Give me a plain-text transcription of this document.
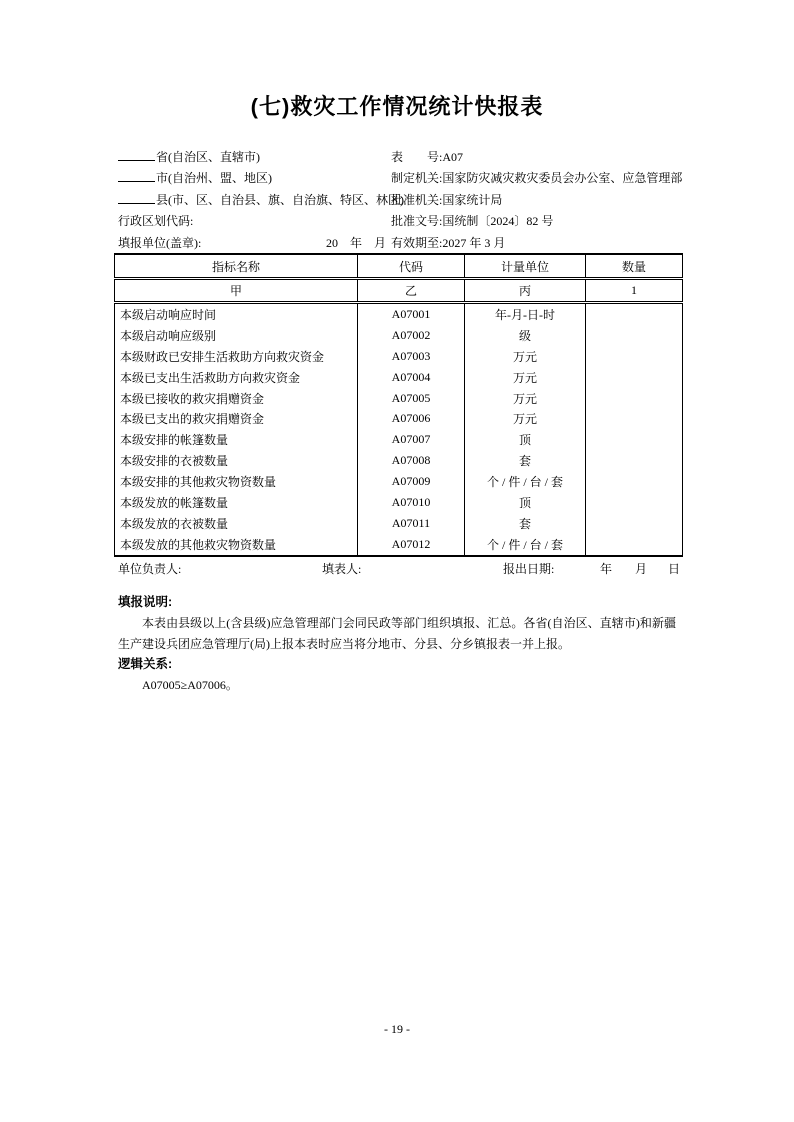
(七)救灾工作情况统计快报表
省(自治区、直辖市)
市(自治州、盟、地区)
县(市、区、自治县、旗、自治旗、特区、林区)
行政区划代码:
填报单位(盖章):	20　年　月
表　　号:A07
制定机关:国家防灾减灾救灾委员会办公室、应急管理部
批准机关:国家统计局
批准文号:国统制〔2024〕82 号
有效期至:2027 年 3 月
指标名称	代码	计量单位	数量
甲	乙	丙	1
本级启动响应时间	A07001	年-月-日-时	
本级启动响应级别	A07002	级	
本级财政已安排生活救助方向救灾资金	A07003	万元	
本级已支出生活救助方向救灾资金	A07004	万元	
本级已接收的救灾捐赠资金	A07005	万元	
本级已支出的救灾捐赠资金	A07006	万元	
本级安排的帐篷数量	A07007	顶	
本级安排的衣被数量	A07008	套	
本级安排的其他救灾物资数量	A07009	个 / 件 / 台 / 套	
本级发放的帐篷数量	A07010	顶	
本级发放的衣被数量	A07011	套	
本级发放的其他救灾物资数量	A07012	个 / 件 / 台 / 套	
单位负责人:	填表人:	报出日期:	年 月 日
填报说明:

本表由县级以上(含县级)应急管理部门会同民政等部门组织填报、汇总。各省(自治区、直辖市)和新疆生产建设兵团应急管理厅(局)上报本表时应当将分地市、分县、分乡镇报表一并上报。

逻辑关系:

A07005≥A07006。

- 19 -
